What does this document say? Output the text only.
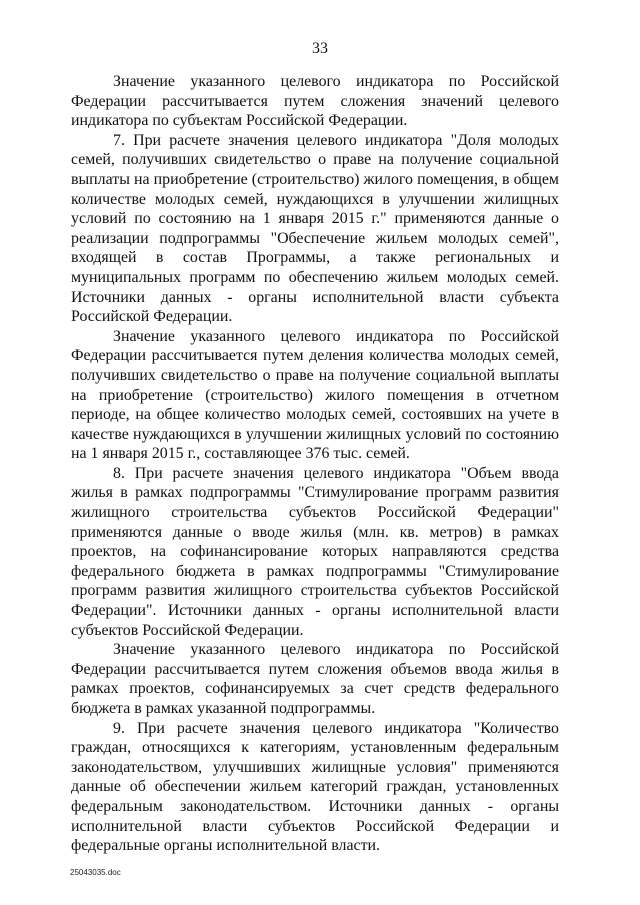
33

Значение указанного целевого индикатора по Российской Федерации рассчитывается путем сложения значений целевого индикатора по субъектам Российской Федерации.

7. При расчете значения целевого индикатора "Доля молодых семей, получивших свидетельство о праве на получение социальной выплаты на приобретение (строительство) жилого помещения, в общем количестве молодых семей, нуждающихся в улучшении жилищных условий по состоянию на 1 января 2015 г." применяются данные о реализации подпрограммы "Обеспечение жильем молодых семей", входящей в состав Программы, а также региональных и муниципальных программ по обеспечению жильем молодых семей. Источники данных - органы исполнительной власти субъекта Российской Федерации.

Значение указанного целевого индикатора по Российской Федерации рассчитывается путем деления количества молодых семей, получивших свидетельство о праве на получение социальной выплаты на приобретение (строительство) жилого помещения в отчетном периоде, на общее количество молодых семей, состоявших на учете в качестве нуждающихся в улучшении жилищных условий по состоянию на 1 января 2015 г., составляющее 376 тыс. семей.

8. При расчете значения целевого индикатора "Объем ввода жилья в рамках подпрограммы "Стимулирование программ развития жилищного строительства субъектов Российской Федерации" применяются данные о вводе жилья (млн. кв. метров) в рамках проектов, на софинансирование которых направляются средства федерального бюджета в рамках подпрограммы "Стимулирование программ развития жилищного строительства субъектов Российской Федерации". Источники данных - органы исполнительной власти субъектов Российской Федерации.

Значение указанного целевого индикатора по Российской Федерации рассчитывается путем сложения объемов ввода жилья в рамках проектов, софинансируемых за счет средств федерального бюджета в рамках указанной подпрограммы.

9. При расчете значения целевого индикатора "Количество граждан, относящихся к категориям, установленным федеральным законодательством, улучшивших жилищные условия" применяются данные об обеспечении жильем категорий граждан, установленных федеральным законодательством. Источники данных - органы исполнительной власти субъектов Российской Федерации и федеральные органы исполнительной власти.

25043035.doc
